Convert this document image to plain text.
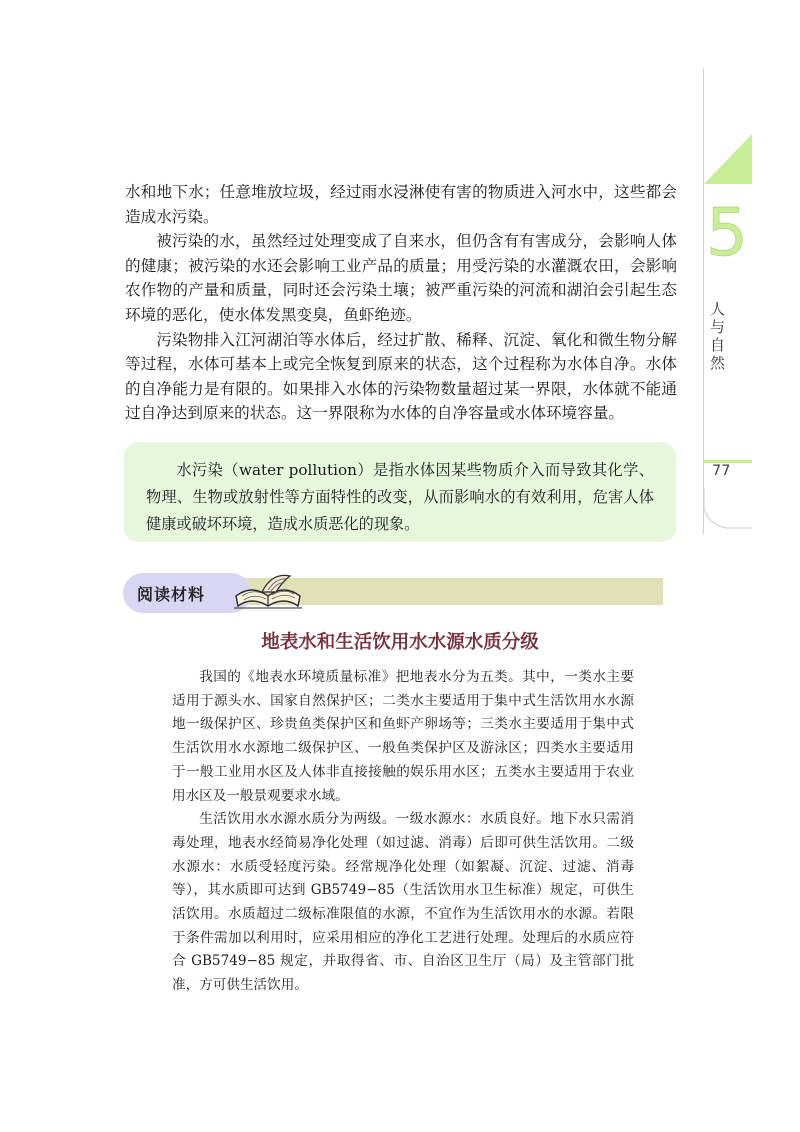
水和地下水；任意堆放垃圾，经过雨水浸淋使有害的物质进入河水中，这些都会造成水污染。

被污染的水，虽然经过处理变成了自来水，但仍含有有害成分，会影响人体的健康；被污染的水还会影响工业产品的质量；用受污染的水灌溉农田，会影响农作物的产量和质量，同时还会污染土壤；被严重污染的河流和湖泊会引起生态环境的恶化，使水体发黑变臭，鱼虾绝迹。

污染物排入江河湖泊等水体后，经过扩散、稀释、沉淀、氧化和微生物分解等过程，水体可基本上或完全恢复到原来的状态，这个过程称为水体自净。水体的自净能力是有限的。如果排入水体的污染物数量超过某一界限，水体就不能通过自净达到原来的状态。这一界限称为水体的自净容量或水体环境容量。

水污染（water pollution）是指水体因某些物质介入而导致其化学、物理、生物或放射性等方面特性的改变，从而影响水的有效利用，危害人体健康或破坏环境，造成水质恶化的现象。

阅读材料
地表水和生活饮用水水源水质分级

我国的《地表水环境质量标准》把地表水分为五类。其中，一类水主要适用于源头水、国家自然保护区；二类水主要适用于集中式生活饮用水水源地一级保护区、珍贵鱼类保护区和鱼虾产卵场等；三类水主要适用于集中式生活饮用水水源地二级保护区、一般鱼类保护区及游泳区；四类水主要适用于一般工业用水区及人体非直接接触的娱乐用水区；五类水主要适用于农业用水区及一般景观要求水域。

生活饮用水水源水质分为两级。一级水源水：水质良好。地下水只需消毒处理，地表水经简易净化处理（如过滤、消毒）后即可供生活饮用。二级水源水：水质受轻度污染。经常规净化处理（如絮凝、沉淀、过滤、消毒等），其水质即可达到 GB5749−85（生活饮用水卫生标准）规定，可供生活饮用。水质超过二级标准限值的水源，不宜作为生活饮用水的水源。若限于条件需加以利用时，应采用相应的净化工艺进行处理。处理后的水质应符合 GB5749−85 规定，并取得省、市、自治区卫生厅（局）及主管部门批准，方可供生活饮用。

5
人与自然
77
